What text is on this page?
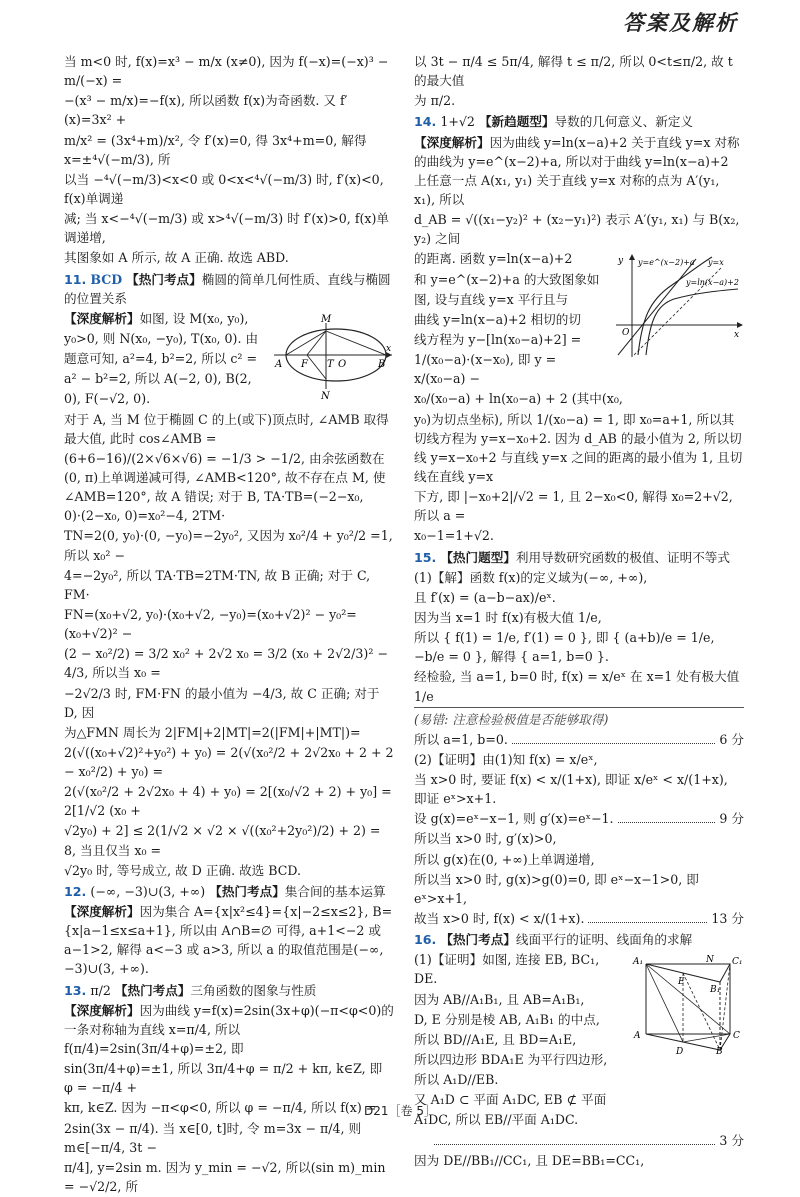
答案及解析

当 m<0 时, f(x)=x³ − m/x (x≠0), 因为 f(−x)=(−x)³ − m/(−x) =

−(x³ − m/x)=−f(x), 所以函数 f(x)为奇函数. 又 f′(x)=3x² +

m/x² = (3x⁴+m)/x², 令 f′(x)=0, 得 3x⁴+m=0, 解得 x=±⁴√(−m/3), 所

以当 −⁴√(−m/3)<x<0 或 0<x<⁴√(−m/3) 时, f′(x)<0, f(x)单调递

减; 当 x<−⁴√(−m/3) 或 x>⁴√(−m/3) 时 f′(x)>0, f(x)单调递增,

其图象如 A 所示, 故 A 正确. 故选 ABD.

11. BCD 【热门考点】椭圆的简单几何性质、直线与椭圆的位置关系

M
A F T O	B
x
N

【深度解析】如图, 设 M(x₀, y₀),

y₀>0, 则 N(x₀, −y₀), T(x₀, 0). 由

题意可知, a²=4, b²=2, 所以 c² =

a² − b²=2, 所以 A(−2, 0), B(2,

0), F(−√2, 0).

对于 A, 当 M 位于椭圆 C 的上(或下)顶点时, ∠AMB 取得最大值, 此时 cos∠AMB =

(6+6−16)/(2×√6×√6) = −1/3 > −1/2, 由余弦函数在(0, π)上单调递减可得, ∠AMB<120°, 故不存在点 M, 使∠AMB=120°, 故 A 错误; 对于 B, TA·TB=(−2−x₀, 0)·(2−x₀, 0)=x₀²−4, 2TM·

TN=2(0, y₀)·(0, −y₀)=−2y₀², 又因为 x₀²/4 + y₀²/2 =1, 所以 x₀² −

4=−2y₀², 所以 TA·TB=2TM·TN, 故 B 正确; 对于 C, FM·

FN=(x₀+√2, y₀)·(x₀+√2, −y₀)=(x₀+√2)² − y₀²=(x₀+√2)² −

(2 − x₀²/2) = 3/2 x₀² + 2√2 x₀ = 3/2 (x₀ + 2√2/3)² − 4/3, 所以当 x₀ =

−2√2/3 时, FM·FN 的最小值为 −4/3, 故 C 正确; 对于 D, 因

为△FMN 周长为 2|FM|+2|MT|=2(|FM|+|MT|)=

2(√((x₀+√2)²+y₀²) + y₀) = 2(√(x₀²/2 + 2√2x₀ + 2 + 2 − x₀²/2) + y₀) =

2(√(x₀²/2 + 2√2x₀ + 4) + y₀) = 2[(x₀/√2 + 2) + y₀] = 2[1/√2 (x₀ +

√2y₀) + 2] ≤ 2(1/√2 × √2 × √((x₀²+2y₀²)/2) + 2) = 8, 当且仅当 x₀ =

√2y₀ 时, 等号成立, 故 D 正确. 故选 BCD.

12. (−∞, −3)∪(3, +∞) 【热门考点】集合间的基本运算

【深度解析】因为集合 A={x|x²≤4}={x|−2≤x≤2}, B={x|a−1≤x≤a+1}, 所以由 A∩B=∅ 可得, a+1<−2 或 a−1>2, 解得 a<−3 或 a>3, 所以 a 的取值范围是(−∞, −3)∪(3, +∞).

13. π/2 【热门考点】三角函数的图象与性质

【深度解析】因为曲线 y=f(x)=2sin(3x+φ)(−π<φ<0)的一条对称轴为直线 x=π/4, 所以 f(π/4)=2sin(3π/4+φ)=±2, 即

sin(3π/4+φ)=±1, 所以 3π/4+φ = π/2 + kπ, k∈Z, 即 φ = −π/4 +

kπ, k∈Z. 因为 −π<φ<0, 所以 φ = −π/4, 所以 f(x) =

2sin(3x − π/4). 当 x∈[0, t]时, 令 m=3x − π/4, 则 m∈[−π/4, 3t −

π/4], y=2sin m. 因为 y_min = −√2, 所以(sin m)_min = −√2/2, 所

以 3t − π/4 ≤ 5π/4, 解得 t ≤ π/2, 所以 0<t≤π/2, 故 t 的最大值

为 π/2.

14. 1+√2 【新趋题型】导数的几何意义、新定义

【深度解析】因为曲线 y=ln(x−a)+2 关于直线 y=x 对称的曲线为 y=e^(x−2)+a, 所以对于曲线 y=ln(x−a)+2 上任意一点 A(x₁, y₁) 关于直线 y=x 对称的点为 A′(y₁, x₁), 所以

d_AB = √((x₁−y₂)² + (x₂−y₁)²) 表示 A′(y₁, x₁) 与 B(x₂, y₂) 之间

y y=e^(x−2)+a y=x
y=ln(x−a)+2
O	x

的距离. 函数 y=ln(x−a)+2

和 y=e^(x−2)+a 的大致图象如

图, 设与直线 y=x 平行且与

曲线 y=ln(x−a)+2 相切的切

线方程为 y−[ln(x₀−a)+2] =

1/(x₀−a)·(x−x₀), 即 y = x/(x₀−a) −

x₀/(x₀−a) + ln(x₀−a) + 2 (其中(x₀,

y₀)为切点坐标), 所以 1/(x₀−a) = 1, 即 x₀=a+1, 所以其切线方程为 y=x−x₀+2. 因为 d_AB 的最小值为 2, 所以切线 y=x−x₀+2 与直线 y=x 之间的距离的最小值为 1, 且切线在直线 y=x

下方, 即 |−x₀+2|/√2 = 1, 且 2−x₀<0, 解得 x₀=2+√2, 所以 a =

x₀−1=1+√2.

15. 【热门题型】利用导数研究函数的极值、证明不等式

(1)【解】函数 f(x)的定义域为(−∞, +∞),

且 f′(x) = (a−b−ax)/eˣ.

因为当 x=1 时 f(x)有极大值 1/e,

所以 { f(1) = 1/e, f′(1) = 0 }, 即 { (a+b)/e = 1/e, −b/e = 0 }, 解得 { a=1, b=0 }.

经检验, 当 a=1, b=0 时, f(x) = x/eˣ 在 x=1 处有极大值 1/e

(易错: 注意检验极值是否能够取得)

所以 a=1, b=0.	6 分

(2)【证明】由(1)知 f(x) = x/eˣ,

当 x>0 时, 要证 f(x) < x/(1+x), 即证 x/eˣ < x/(1+x), 即证 eˣ>x+1.

设 g(x)=eˣ−x−1, 则 g′(x)=eˣ−1.	9 分

所以当 x>0 时, g′(x)>0,

所以 g(x)在(0, +∞)上单调递增,

所以当 x>0 时, g(x)>g(0)=0, 即 eˣ−x−1>0, 即 eˣ>x+1,

故当 x>0 时, f(x) < x/(1+x).	13 分

16. 【热门考点】线面平行的证明、线面角的求解

A₁
E
B₁
N C₁
A
D	B
C

(1)【证明】如图, 连接 EB, BC₁, DE.

因为 AB//A₁B₁, 且 AB=A₁B₁,

D, E 分别是棱 AB, A₁B₁ 的中点,

所以 BD//A₁E, 且 BD=A₁E,

所以四边形 BDA₁E 为平行四边形,

所以 A₁D//EB.

又 A₁D ⊂ 平面 A₁DC, EB ⊄ 平面

A₁DC, 所以 EB//平面 A₁DC.

3 分

因为 DE//BB₁//CC₁, 且 DE=BB₁=CC₁,

D21［卷 5］
